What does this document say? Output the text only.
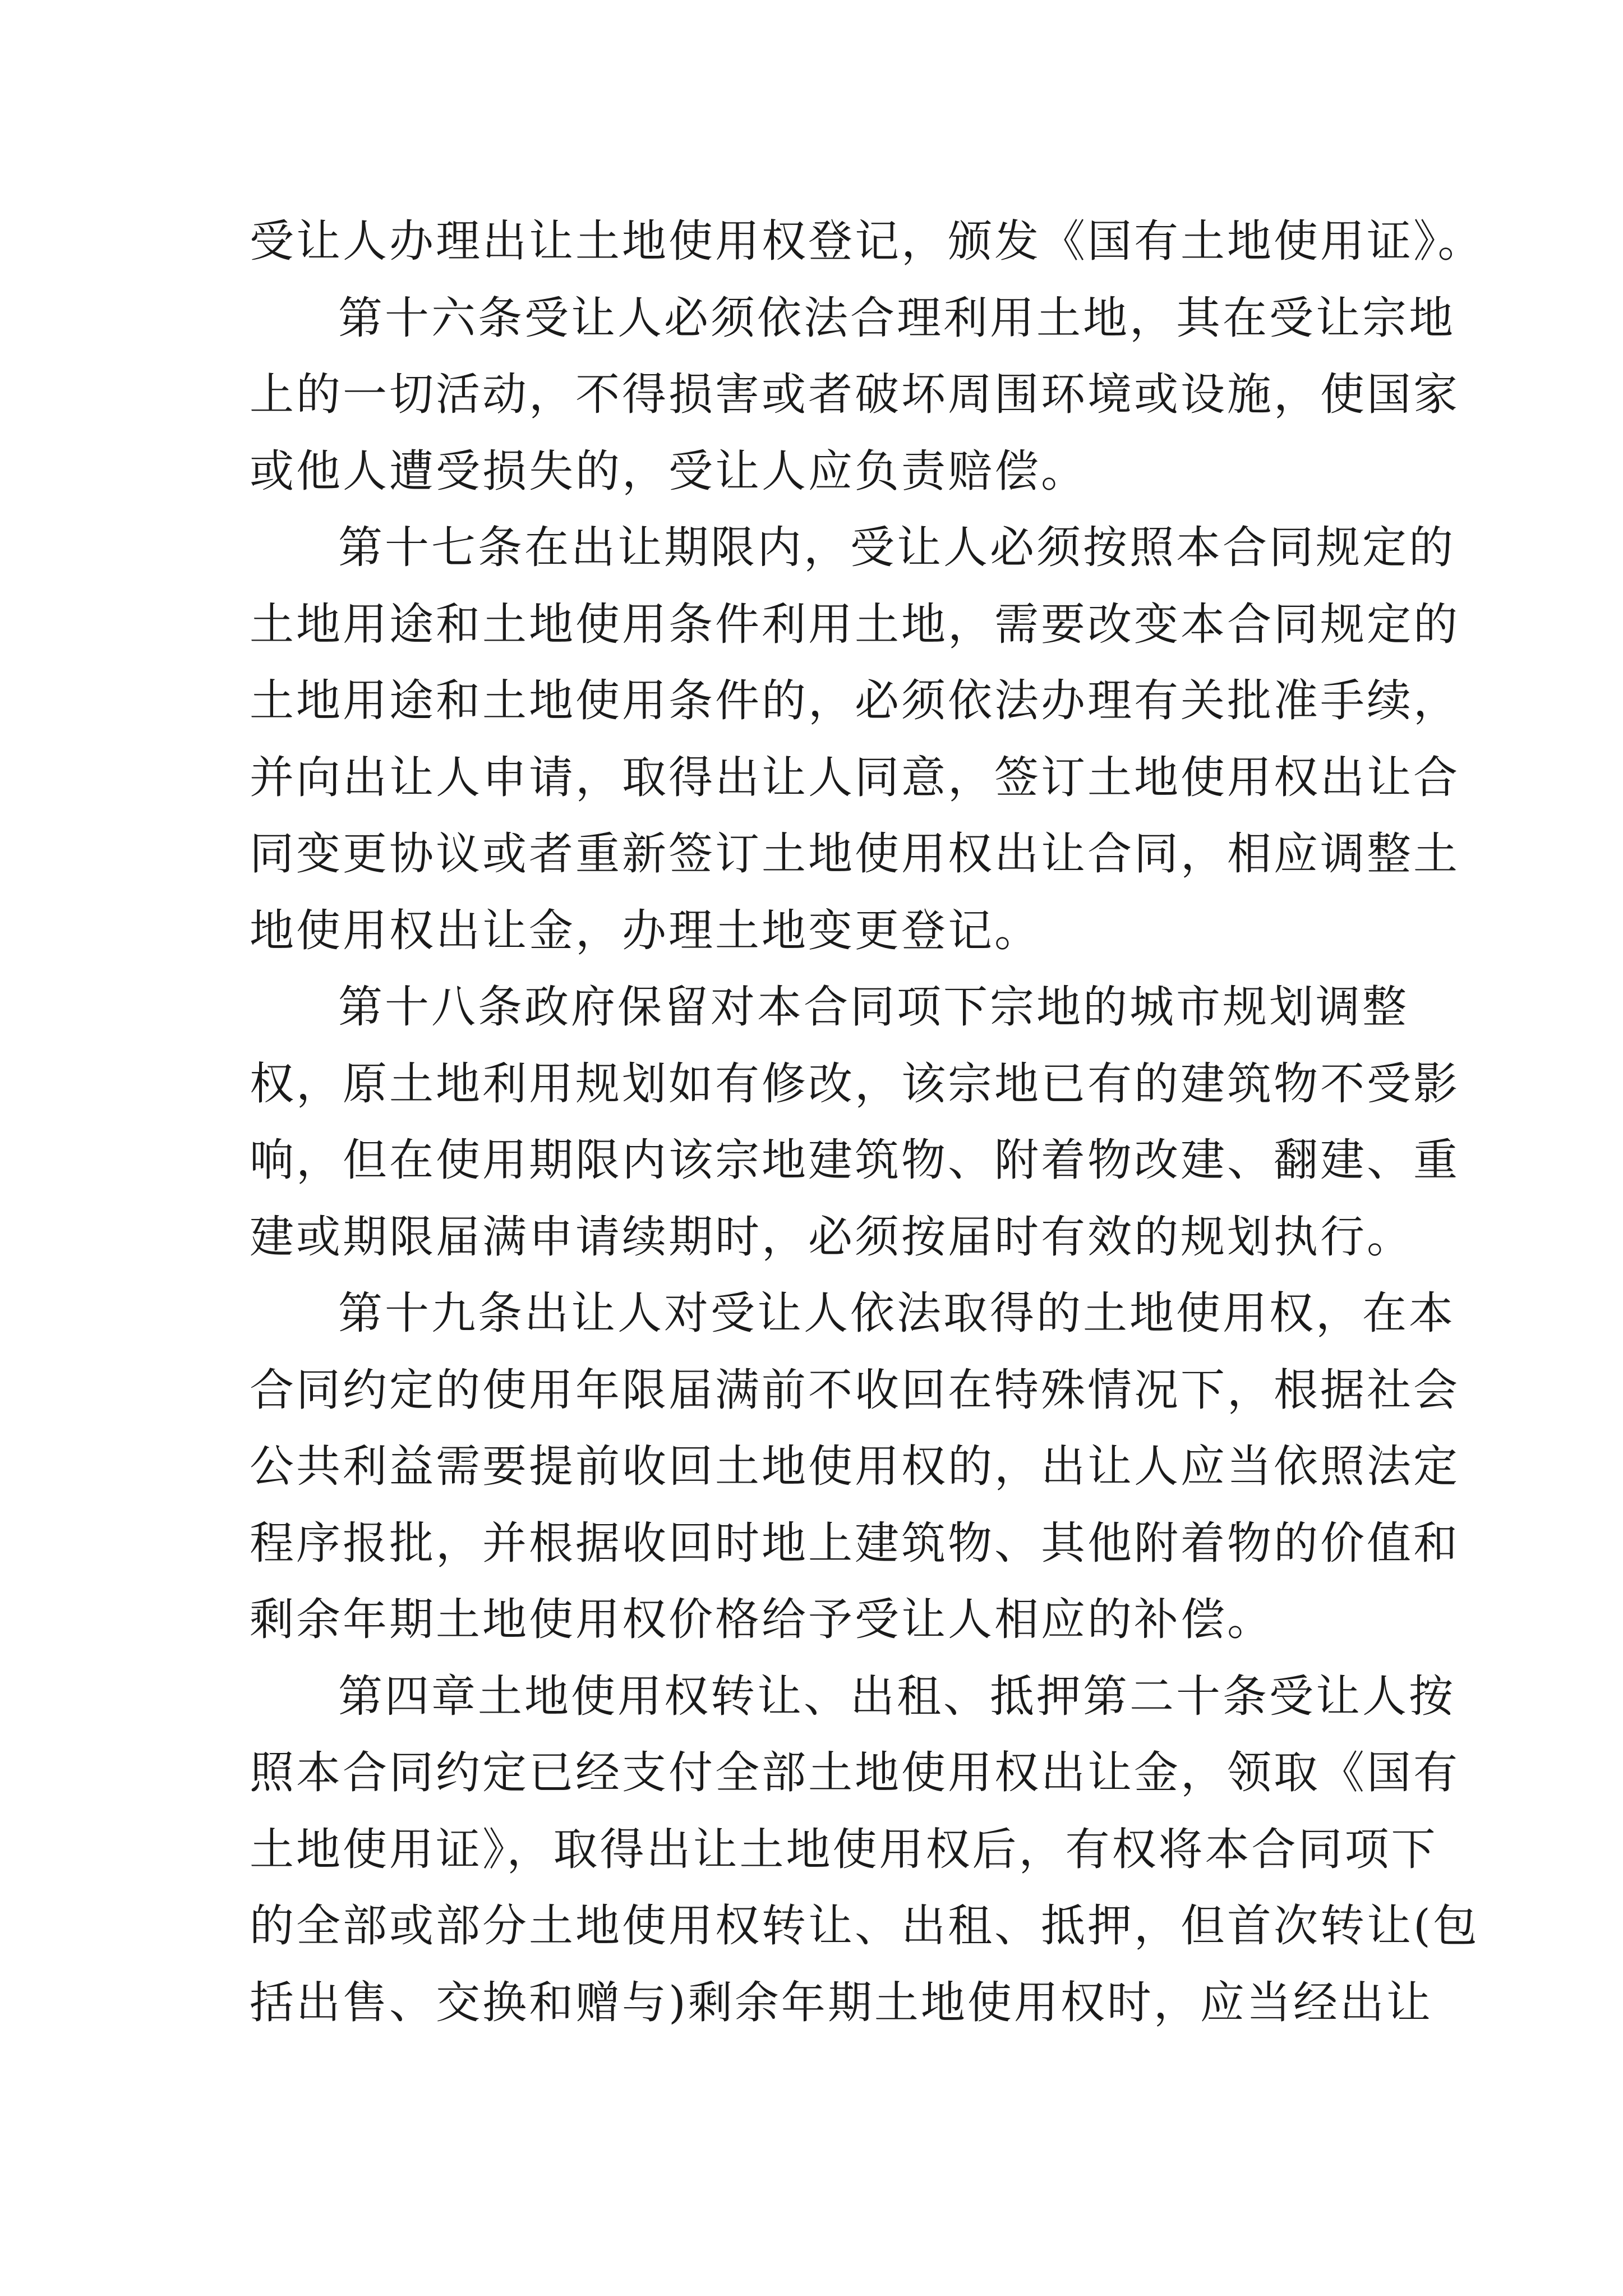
受让人办理出让土地使用权登记，颁发《国有土地使用证》。
第十六条受让人必须依法合理利用土地，其在受让宗地
上的一切活动，不得损害或者破坏周围环境或设施，使国家
或他人遭受损失的，受让人应负责赔偿。
第十七条在出让期限内，受让人必须按照本合同规定的
土地用途和土地使用条件利用土地，需要改变本合同规定的
土地用途和土地使用条件的，必须依法办理有关批准手续，
并向出让人申请，取得出让人同意，签订土地使用权出让合
同变更协议或者重新签订土地使用权出让合同，相应调整土
地使用权出让金，办理土地变更登记。
第十八条政府保留对本合同项下宗地的城市规划调整
权，原土地利用规划如有修改，该宗地已有的建筑物不受影
响，但在使用期限内该宗地建筑物、附着物改建、翻建、重
建或期限届满申请续期时，必须按届时有效的规划执行。
第十九条出让人对受让人依法取得的土地使用权，在本
合同约定的使用年限届满前不收回在特殊情况下，根据社会
公共利益需要提前收回土地使用权的，出让人应当依照法定
程序报批，并根据收回时地上建筑物、其他附着物的价值和
剩余年期土地使用权价格给予受让人相应的补偿。
第四章土地使用权转让、出租、抵押第二十条受让人按
照本合同约定已经支付全部土地使用权出让金，领取《国有
土地使用证》，取得出让土地使用权后，有权将本合同项下
的全部或部分土地使用权转让、出租、抵押，但首次转让(包
括出售、交换和赠与)剩余年期土地使用权时，应当经出让
